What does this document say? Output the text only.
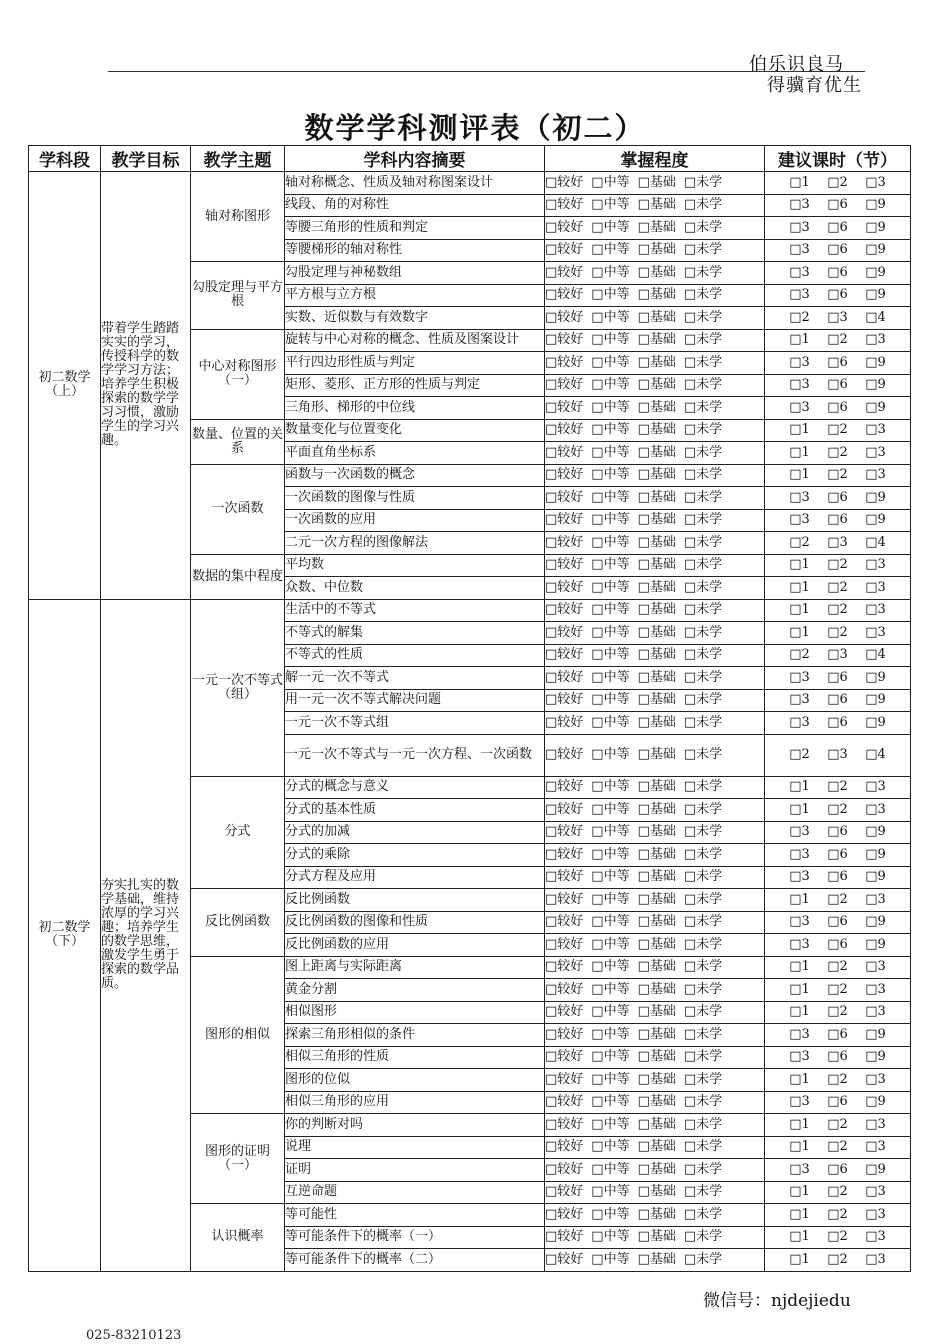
伯乐识良马
得骥育优生
数学学科测评表（初二）
学科段	教学目标	教学主题	学科内容摘要	掌握程度	建议课时（节）
初二数学（上）	带着学生踏踏实实的学习，传授科学的数学学习方法；培养学生积极探索的数学学习习惯，激励学生的学习兴趣。	轴对称图形	轴对称概念、性质及轴对称图案设计	□较好 □中等 □基础 □未学	□1 □2 □3
			线段、角的对称性	□较好 □中等 □基础 □未学	□3 □6 □9
			等腰三角形的性质和判定	□较好 □中等 □基础 □未学	□3 □6 □9
			等腰梯形的轴对称性	□较好 □中等 □基础 □未学	□3 □6 □9
		勾股定理与平方根	勾股定理与神秘数组	□较好 □中等 □基础 □未学	□3 □6 □9
			平方根与立方根	□较好 □中等 □基础 □未学	□3 □6 □9
			实数、近似数与有效数字	□较好 □中等 □基础 □未学	□2 □3 □4
		中心对称图形（一）	旋转与中心对称的概念、性质及图案设计	□较好 □中等 □基础 □未学	□1 □2 □3
			平行四边形性质与判定	□较好 □中等 □基础 □未学	□3 □6 □9
			矩形、菱形、正方形的性质与判定	□较好 □中等 □基础 □未学	□3 □6 □9
			三角形、梯形的中位线	□较好 □中等 □基础 □未学	□3 □6 □9
		数量、位置的关系	数量变化与位置变化	□较好 □中等 □基础 □未学	□1 □2 □3
			平面直角坐标系	□较好 □中等 □基础 □未学	□1 □2 □3
		一次函数	函数与一次函数的概念	□较好 □中等 □基础 □未学	□1 □2 □3
			一次函数的图像与性质	□较好 □中等 □基础 □未学	□3 □6 □9
			一次函数的应用	□较好 □中等 □基础 □未学	□3 □6 □9
			二元一次方程的图像解法	□较好 □中等 □基础 □未学	□2 □3 □4
		数据的集中程度	平均数	□较好 □中等 □基础 □未学	□1 □2 □3
			众数、中位数	□较好 □中等 □基础 □未学	□1 □2 □3
初二数学（下）	夯实扎实的数学基础，维持浓厚的学习兴趣；培养学生的数学思维，激发学生勇于探索的数学品质。	一元一次不等式（组）	生活中的不等式	□较好 □中等 □基础 □未学	□1 □2 □3
			不等式的解集	□较好 □中等 □基础 □未学	□1 □2 □3
			不等式的性质	□较好 □中等 □基础 □未学	□2 □3 □4
			解一元一次不等式	□较好 □中等 □基础 □未学	□3 □6 □9
			用一元一次不等式解决问题	□较好 □中等 □基础 □未学	□3 □6 □9
			一元一次不等式组	□较好 □中等 □基础 □未学	□3 □6 □9
			一元一次不等式与一元一次方程、一次函数	□较好 □中等 □基础 □未学	□2 □3 □4
		分式	分式的概念与意义	□较好 □中等 □基础 □未学	□1 □2 □3
			分式的基本性质	□较好 □中等 □基础 □未学	□1 □2 □3
			分式的加减	□较好 □中等 □基础 □未学	□3 □6 □9
			分式的乘除	□较好 □中等 □基础 □未学	□3 □6 □9
			分式方程及应用	□较好 □中等 □基础 □未学	□3 □6 □9
		反比例函数	反比例函数	□较好 □中等 □基础 □未学	□1 □2 □3
			反比例函数的图像和性质	□较好 □中等 □基础 □未学	□3 □6 □9
			反比例函数的应用	□较好 □中等 □基础 □未学	□3 □6 □9
		图形的相似	图上距离与实际距离	□较好 □中等 □基础 □未学	□1 □2 □3
			黄金分割	□较好 □中等 □基础 □未学	□1 □2 □3
			相似图形	□较好 □中等 □基础 □未学	□1 □2 □3
			探索三角形相似的条件	□较好 □中等 □基础 □未学	□3 □6 □9
			相似三角形的性质	□较好 □中等 □基础 □未学	□3 □6 □9
			图形的位似	□较好 □中等 □基础 □未学	□1 □2 □3
			相似三角形的应用	□较好 □中等 □基础 □未学	□3 □6 □9
		图形的证明（一）	你的判断对吗	□较好 □中等 □基础 □未学	□1 □2 □3
			说理	□较好 □中等 □基础 □未学	□1 □2 □3
			证明	□较好 □中等 □基础 □未学	□3 □6 □9
			互逆命题	□较好 □中等 □基础 □未学	□1 □2 □3
		认识概率	等可能性	□较好 □中等 □基础 □未学	□1 □2 □3
			等可能条件下的概率（一）	□较好 □中等 □基础 □未学	□1 □2 □3
			等可能条件下的概率（二）	□较好 □中等 □基础 □未学	□1 □2 □3
微信号：njdejiedu
025-83210123
